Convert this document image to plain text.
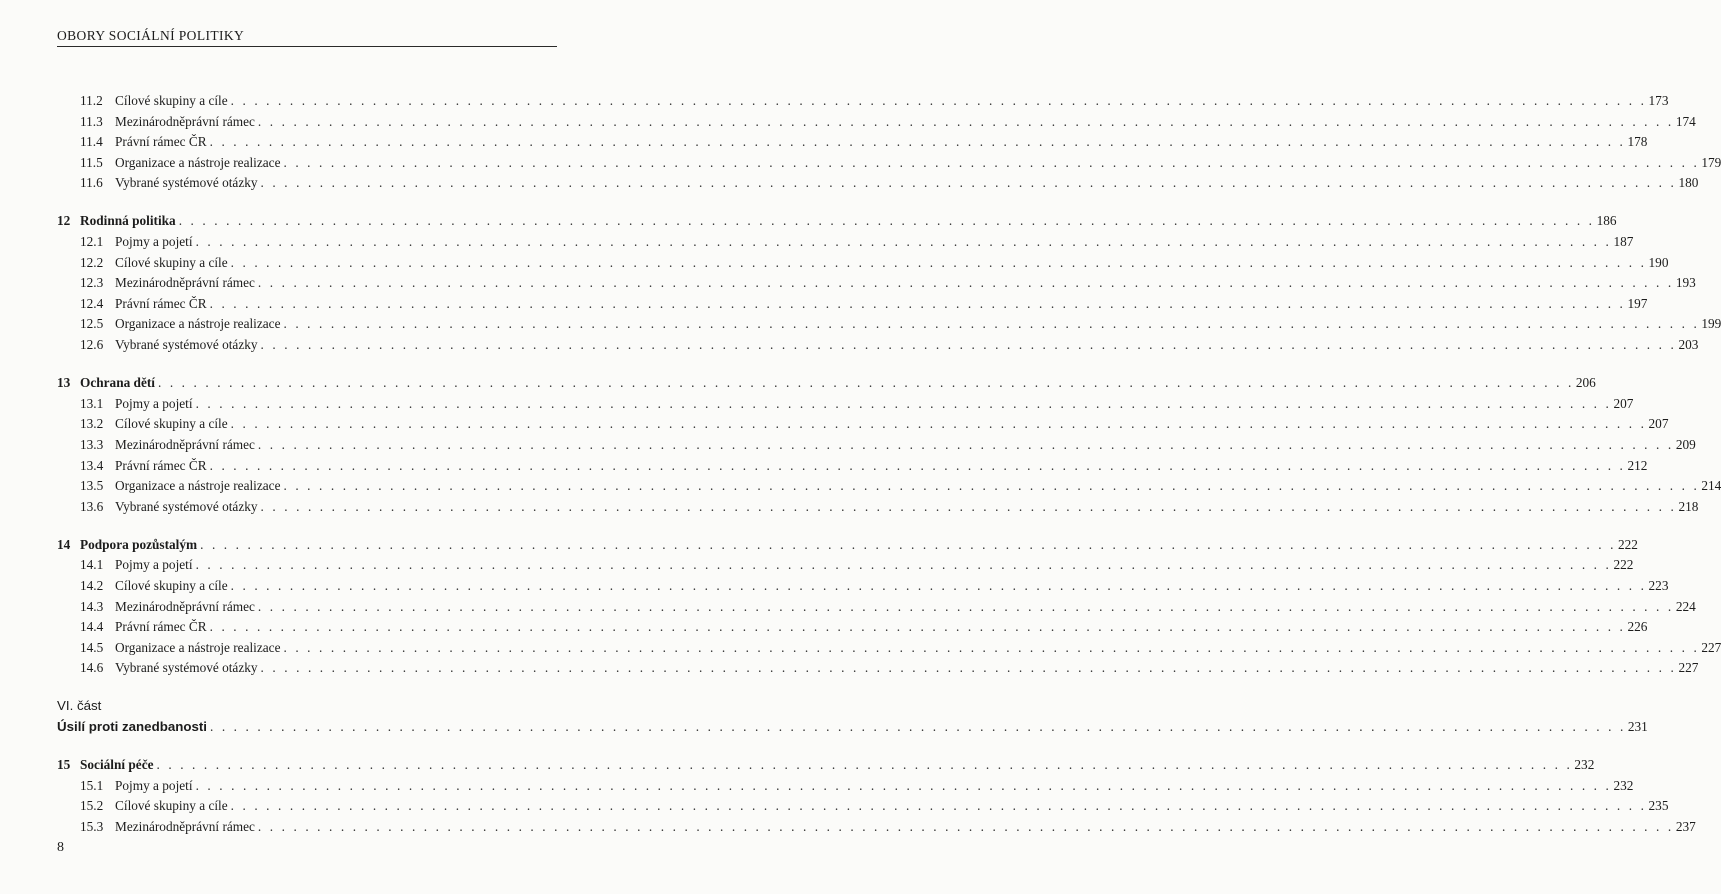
OBORY SOCIÁLNÍ POLITIKY
11.2 Cílové skupiny a cíle . . . . . . . . . . . . . . . . . . . . . . . . . . . . . . . . . . . . . . . . . . . . . . . . . . . . . . . . . . . . . . . . . . . . . . . . . . . . . . . . . . . . . . . . . . . . . . . . . . . . . . . . . . . . . . . . . . . . . . . . 173
11.3 Mezinárodněprávní rámec . . . . . . . . . . . . . . . . . . . . . . . . . . . . . . . . . . . . . . . . . . . . . . . . . . . . . . . . . . . . . . . . . . . . . . . . . . . . . . . . . . . . . . . . . . . . . . . . . . . . . . . . . . . . . . . . . . . . . . . . 174
11.4 Právní rámec ČR . . . . . . . . . . . . . . . . . . . . . . . . . . . . . . . . . . . . . . . . . . . . . . . . . . . . . . . . . . . . . . . . . . . . . . . . . . . . . . . . . . . . . . . . . . . . . . . . . . . . . . . . . . . . . . . . . . . . . . . . 178
11.5 Organizace a nástroje realizace . . . . . . . . . . . . . . . . . . . . . . . . . . . . . . . . . . . . . . . . . . . . . . . . . . . . . . . . . . . . . . . . . . . . . . . . . . . . . . . . . . . . . . . . . . . . . . . . . . . . . . . . . . . . . . . . . . . . . . . . 179
11.6 Vybrané systémové otázky . . . . . . . . . . . . . . . . . . . . . . . . . . . . . . . . . . . . . . . . . . . . . . . . . . . . . . . . . . . . . . . . . . . . . . . . . . . . . . . . . . . . . . . . . . . . . . . . . . . . . . . . . . . . . . . . . . . . . . . . 180
12 Rodinná politika . . . . . . . . . . . . . . . . . . . . . . . . . . . . . . . . . . . . . . . . . . . . . . . . . . . . . . . . . . . . . . . . . . . . . . . . . . . . . . . . . . . . . . . . . . . . . . . . . . . . . . . . . . . . . . . . . . . . . . . . 186
12.1 Pojmy a pojetí . . . . . . . . . . . . . . . . . . . . . . . . . . . . . . . . . . . . . . . . . . . . . . . . . . . . . . . . . . . . . . . . . . . . . . . . . . . . . . . . . . . . . . . . . . . . . . . . . . . . . . . . . . . . . . . . . . . . . . . . 187
12.2 Cílové skupiny a cíle . . . . . . . . . . . . . . . . . . . . . . . . . . . . . . . . . . . . . . . . . . . . . . . . . . . . . . . . . . . . . . . . . . . . . . . . . . . . . . . . . . . . . . . . . . . . . . . . . . . . . . . . . . . . . . . . . . . . . . . . 190
12.3 Mezinárodněprávní rámec . . . . . . . . . . . . . . . . . . . . . . . . . . . . . . . . . . . . . . . . . . . . . . . . . . . . . . . . . . . . . . . . . . . . . . . . . . . . . . . . . . . . . . . . . . . . . . . . . . . . . . . . . . . . . . . . . . . . . . . . 193
12.4 Právní rámec ČR . . . . . . . . . . . . . . . . . . . . . . . . . . . . . . . . . . . . . . . . . . . . . . . . . . . . . . . . . . . . . . . . . . . . . . . . . . . . . . . . . . . . . . . . . . . . . . . . . . . . . . . . . . . . . . . . . . . . . . . . 197
12.5 Organizace a nástroje realizace . . . . . . . . . . . . . . . . . . . . . . . . . . . . . . . . . . . . . . . . . . . . . . . . . . . . . . . . . . . . . . . . . . . . . . . . . . . . . . . . . . . . . . . . . . . . . . . . . . . . . . . . . . . . . . . . . . . . . . . . 199
12.6 Vybrané systémové otázky . . . . . . . . . . . . . . . . . . . . . . . . . . . . . . . . . . . . . . . . . . . . . . . . . . . . . . . . . . . . . . . . . . . . . . . . . . . . . . . . . . . . . . . . . . . . . . . . . . . . . . . . . . . . . . . . . . . . . . . . 203
13 Ochrana dětí . . . . . . . . . . . . . . . . . . . . . . . . . . . . . . . . . . . . . . . . . . . . . . . . . . . . . . . . . . . . . . . . . . . . . . . . . . . . . . . . . . . . . . . . . . . . . . . . . . . . . . . . . . . . . . . . . . . . . . . . 206
13.1 Pojmy a pojetí . . . . . . . . . . . . . . . . . . . . . . . . . . . . . . . . . . . . . . . . . . . . . . . . . . . . . . . . . . . . . . . . . . . . . . . . . . . . . . . . . . . . . . . . . . . . . . . . . . . . . . . . . . . . . . . . . . . . . . . . 207
13.2 Cílové skupiny a cíle . . . . . . . . . . . . . . . . . . . . . . . . . . . . . . . . . . . . . . . . . . . . . . . . . . . . . . . . . . . . . . . . . . . . . . . . . . . . . . . . . . . . . . . . . . . . . . . . . . . . . . . . . . . . . . . . . . . . . . . . 207
13.3 Mezinárodněprávní rámec . . . . . . . . . . . . . . . . . . . . . . . . . . . . . . . . . . . . . . . . . . . . . . . . . . . . . . . . . . . . . . . . . . . . . . . . . . . . . . . . . . . . . . . . . . . . . . . . . . . . . . . . . . . . . . . . . . . . . . . . 209
13.4 Právní rámec ČR . . . . . . . . . . . . . . . . . . . . . . . . . . . . . . . . . . . . . . . . . . . . . . . . . . . . . . . . . . . . . . . . . . . . . . . . . . . . . . . . . . . . . . . . . . . . . . . . . . . . . . . . . . . . . . . . . . . . . . . . 212
13.5 Organizace a nástroje realizace . . . . . . . . . . . . . . . . . . . . . . . . . . . . . . . . . . . . . . . . . . . . . . . . . . . . . . . . . . . . . . . . . . . . . . . . . . . . . . . . . . . . . . . . . . . . . . . . . . . . . . . . . . . . . . . . . . . . . . . . 214
13.6 Vybrané systémové otázky . . . . . . . . . . . . . . . . . . . . . . . . . . . . . . . . . . . . . . . . . . . . . . . . . . . . . . . . . . . . . . . . . . . . . . . . . . . . . . . . . . . . . . . . . . . . . . . . . . . . . . . . . . . . . . . . . . . . . . . . 218
14 Podpora pozůstalým . . . . . . . . . . . . . . . . . . . . . . . . . . . . . . . . . . . . . . . . . . . . . . . . . . . . . . . . . . . . . . . . . . . . . . . . . . . . . . . . . . . . . . . . . . . . . . . . . . . . . . . . . . . . . . . . . . . . . . . . 222
14.1 Pojmy a pojetí . . . . . . . . . . . . . . . . . . . . . . . . . . . . . . . . . . . . . . . . . . . . . . . . . . . . . . . . . . . . . . . . . . . . . . . . . . . . . . . . . . . . . . . . . . . . . . . . . . . . . . . . . . . . . . . . . . . . . . . . 222
14.2 Cílové skupiny a cíle . . . . . . . . . . . . . . . . . . . . . . . . . . . . . . . . . . . . . . . . . . . . . . . . . . . . . . . . . . . . . . . . . . . . . . . . . . . . . . . . . . . . . . . . . . . . . . . . . . . . . . . . . . . . . . . . . . . . . . . . 223
14.3 Mezinárodněprávní rámec . . . . . . . . . . . . . . . . . . . . . . . . . . . . . . . . . . . . . . . . . . . . . . . . . . . . . . . . . . . . . . . . . . . . . . . . . . . . . . . . . . . . . . . . . . . . . . . . . . . . . . . . . . . . . . . . . . . . . . . . 224
14.4 Právní rámec ČR . . . . . . . . . . . . . . . . . . . . . . . . . . . . . . . . . . . . . . . . . . . . . . . . . . . . . . . . . . . . . . . . . . . . . . . . . . . . . . . . . . . . . . . . . . . . . . . . . . . . . . . . . . . . . . . . . . . . . . . . 226
14.5 Organizace a nástroje realizace . . . . . . . . . . . . . . . . . . . . . . . . . . . . . . . . . . . . . . . . . . . . . . . . . . . . . . . . . . . . . . . . . . . . . . . . . . . . . . . . . . . . . . . . . . . . . . . . . . . . . . . . . . . . . . . . . . . . . . . . 227
14.6 Vybrané systémové otázky . . . . . . . . . . . . . . . . . . . . . . . . . . . . . . . . . . . . . . . . . . . . . . . . . . . . . . . . . . . . . . . . . . . . . . . . . . . . . . . . . . . . . . . . . . . . . . . . . . . . . . . . . . . . . . . . . . . . . . . . 227
VI. část
Úsilí proti zanedbanosti . . . . . . . . . . . . . . . . . . . . . . . . . . . . . . . . . . . . . . . . . . . . . . . . . . . . . . . . . . . . . . . . . . . . . . . . . . . . . . . . . . . . . . . . . . . . . . . . . . . . . . . . . . . . . . . . . . . . . . . . 231
15 Sociální péče . . . . . . . . . . . . . . . . . . . . . . . . . . . . . . . . . . . . . . . . . . . . . . . . . . . . . . . . . . . . . . . . . . . . . . . . . . . . . . . . . . . . . . . . . . . . . . . . . . . . . . . . . . . . . . . . . . . . . . . . 232
15.1 Pojmy a pojetí . . . . . . . . . . . . . . . . . . . . . . . . . . . . . . . . . . . . . . . . . . . . . . . . . . . . . . . . . . . . . . . . . . . . . . . . . . . . . . . . . . . . . . . . . . . . . . . . . . . . . . . . . . . . . . . . . . . . . . . . 232
15.2 Cílové skupiny a cíle . . . . . . . . . . . . . . . . . . . . . . . . . . . . . . . . . . . . . . . . . . . . . . . . . . . . . . . . . . . . . . . . . . . . . . . . . . . . . . . . . . . . . . . . . . . . . . . . . . . . . . . . . . . . . . . . . . . . . . . . 235
15.3 Mezinárodněprávní rámec . . . . . . . . . . . . . . . . . . . . . . . . . . . . . . . . . . . . . . . . . . . . . . . . . . . . . . . . . . . . . . . . . . . . . . . . . . . . . . . . . . . . . . . . . . . . . . . . . . . . . . . . . . . . . . . . . . . . . . . . 237
8
